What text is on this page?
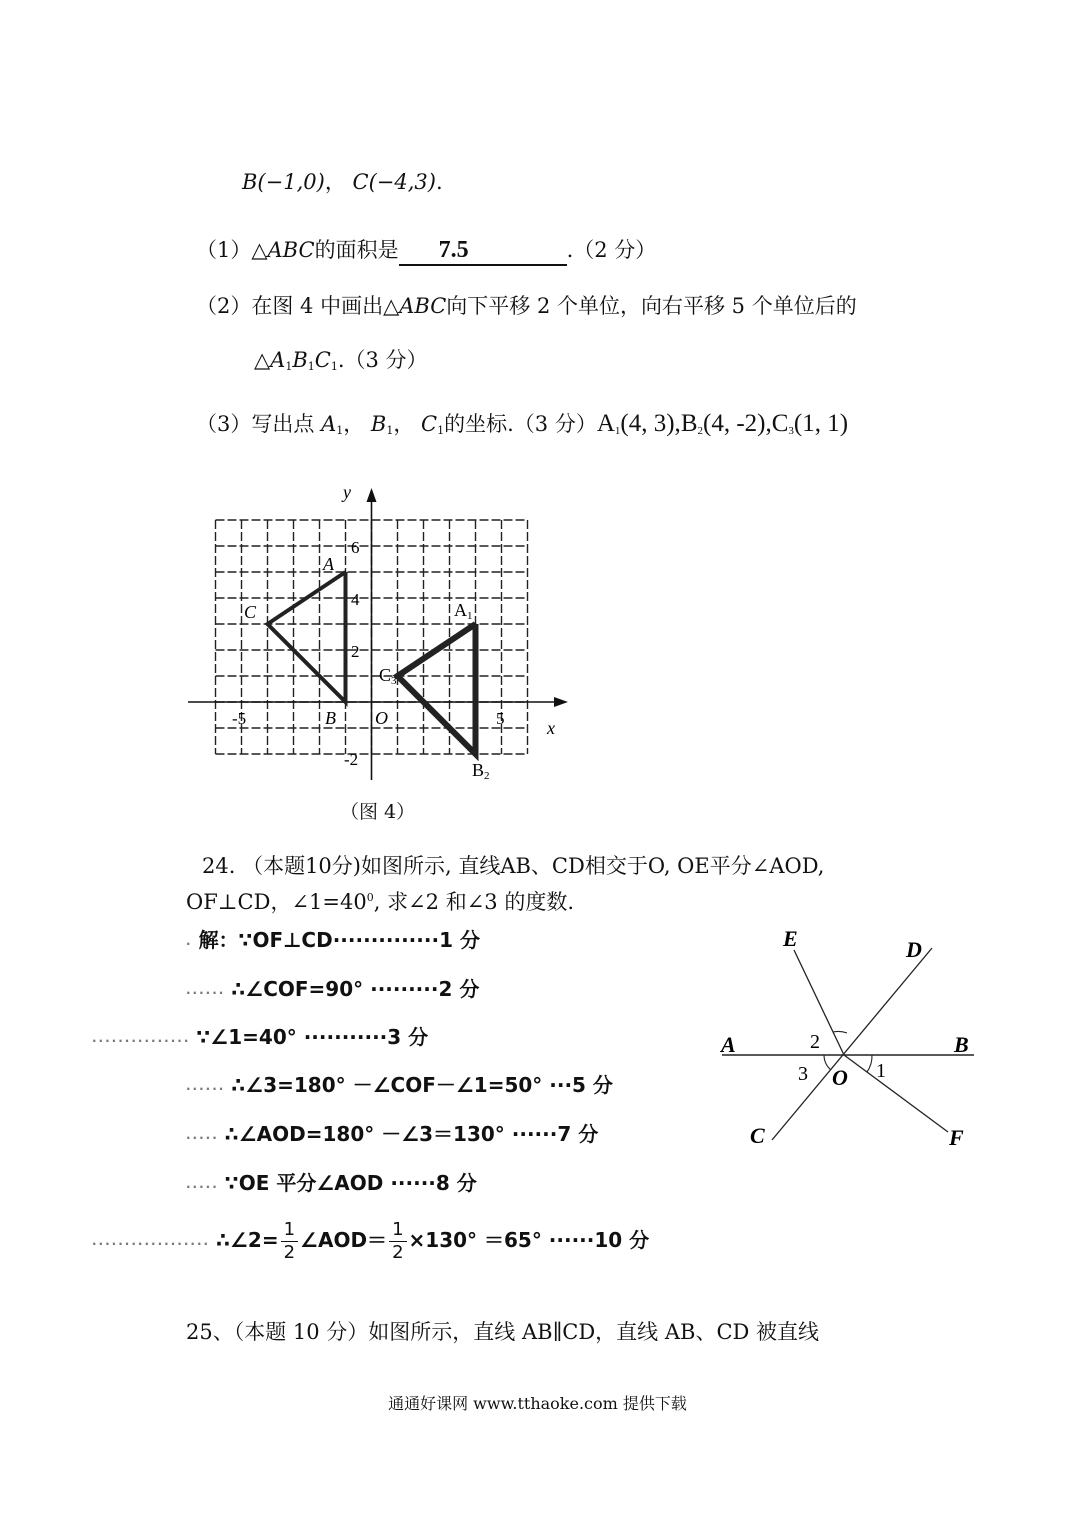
B(−1,0)， C(−4,3).
（1）△ABC的面积是 7.5	.（2 分）
（2）在图 4 中画出△ABC向下平移 2 个单位，向右平移 5 个单位后的
$\triangle A_1B_1C_1.(3$ 分）
（3）写出点 $A_1$， $B_1$， $C_1$的坐标.（3 分）$A_1(4$, $3),B_2(4$, $-2),C_3(1$, 1)
y
x
O
-5	5
6
4
2
-2
A
C
B
A1
C3
B2
（图 4）
24. （本题10分)如图所示, 直线AB、CD相交于O, OE平分∠AOD,
OF⊥CD，$\angle 1=40^0$, 求∠2 和∠3 的度数.
. 解：∵OF⊥CD··············1 分
...... ∴∠COF=90° ·········2 分
............... ∵∠1=40° ···········3 分
...... ∴∠3=180° －∠COF－∠1=50° ···5 分
..... ∴∠AOD=180° －∠3＝130° ······7 分
..... ∵OE 平分∠AOD ······8 分
.................. ∴∠2= $\frac{1}{2}$ ∠AOD＝ $\frac{1}{2} \times 130^\circ =65^\circ \cdot\cdot\cdot\cdot\cdot\cdot 10$ 分
E	D
A	B
C	F
O 1
2
3
25、（本题 10 分）如图所示，直线 AB∥CD，直线 AB、CD 被直线
通通好课网 www.tthaoke.com 提供下载
